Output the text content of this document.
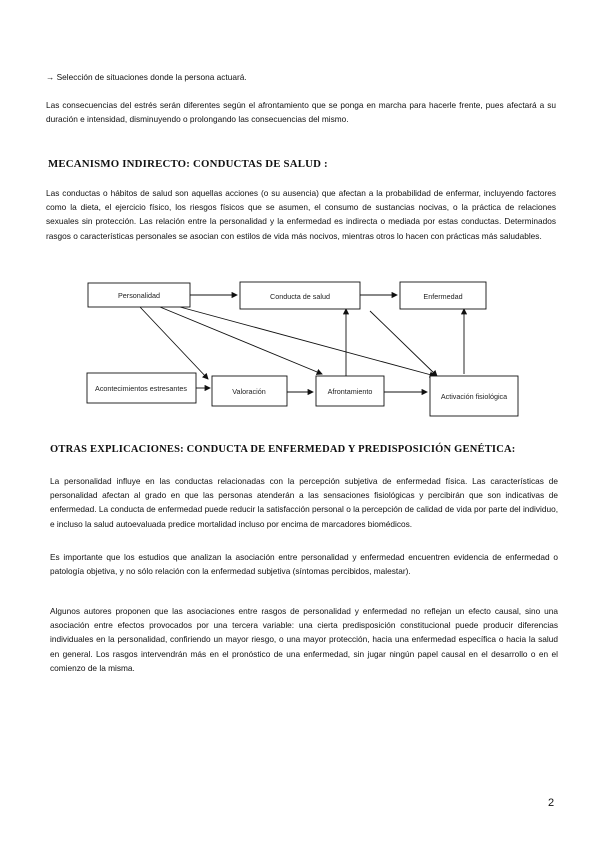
→ Selección de situaciones donde la persona actuará.

Las consecuencias del estrés serán diferentes según el afrontamiento que se ponga en marcha para hacerle frente, pues afectará a su duración e intensidad, disminuyendo o prolongando las consecuencias del mismo.

MECANISMO INDIRECTO: CONDUCTAS DE SALUD :

Las conductas o hábitos de salud son aquellas acciones (o su ausencia) que afectan a la probabilidad de enfermar, incluyendo factores como la dieta, el ejercicio físico, los riesgos físicos que se asumen, el consumo de sustancias nocivas, o la práctica de relaciones sexuales sin protección. Las relación entre la personalidad y la enfermedad es indirecta o mediada por estas conductas. Determinados rasgos o características personales se asocian con estilos de vida más nocivos, mientras otros lo hacen con prácticas más saludables.

Personalidad	Conducta de salud	Enfermedad
Acontecimientos estresantes	Valoración	Afrontamiento
Activación fisiológica
OTRAS EXPLICACIONES: CONDUCTA DE ENFERMEDAD Y PREDISPOSICIÓN GENÉTICA:

La personalidad influye en las conductas relacionadas con la percepción subjetiva de enfermedad física. Las características de personalidad afectan al grado en que las personas atenderán a las sensaciones fisiológicas y percibirán que son indicativas de enfermedad. La conducta de enfermedad puede reducir la satisfacción personal o la percepción de calidad de vida por parte del individuo, e incluso la salud autoevaluada predice mortalidad incluso por encima de marcadores biomédicos.

Es importante que los estudios que analizan la asociación entre personalidad y enfermedad encuentren evidencia de enfermedad o patología objetiva, y no sólo relación con la enfermedad subjetiva (síntomas percibidos, malestar).

Algunos autores proponen que las asociaciones entre rasgos de personalidad y enfermedad no reflejan un efecto causal, sino una asociación entre efectos provocados por una tercera variable: una cierta predisposición constitucional puede producir diferencias individuales en la personalidad, confiriendo un mayor riesgo, o una mayor protección, hacia una enfermedad específica o hacia la salud en general. Los rasgos intervendrán más en el pronóstico de una enfermedad, sin jugar ningún papel causal en el desarrollo o en el comienzo de la misma.

2
